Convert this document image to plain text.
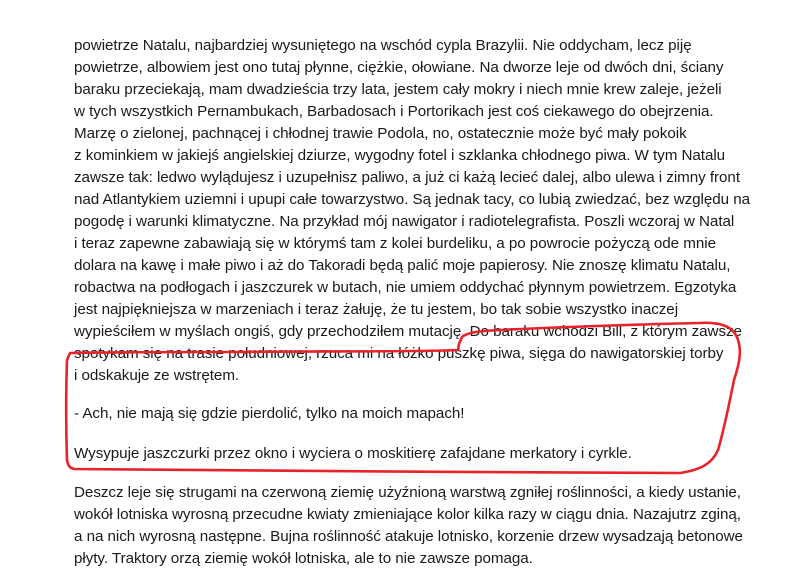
powietrze Natalu, najbardziej wysuniętego na wschód cypla Brazylii. Nie oddycham, lecz piję
powietrze, albowiem jest ono tutaj płynne, ciężkie, ołowiane. Na dworze leje od dwóch dni, ściany
baraku przeciekają, mam dwadzieścia trzy lata, jestem cały mokry i niech mnie krew zaleje, jeżeli
w tych wszystkich Pernambukach, Barbadosach i Portorikach jest coś ciekawego do obejrzenia.
Marzę o zielonej, pachnącej i chłodnej trawie Podola, no, ostatecznie może być mały pokoik
z kominkiem w jakiejś angielskiej dziurze, wygodny fotel i szklanka chłodnego piwa. W tym Natalu
zawsze tak: ledwo wylądujesz i uzupełnisz paliwo, a już ci każą lecieć dalej, albo ulewa i zimny front
nad Atlantykiem uziemni i upupi całe towarzystwo. Są jednak tacy, co lubią zwiedzać, bez względu na
pogodę i warunki klimatyczne. Na przykład mój nawigator i radiotelegrafista. Poszli wczoraj w Natal
i teraz zapewne zabawiają się w którymś tam z kolei burdeliku, a po powrocie pożyczą ode mnie
dolara na kawę i małe piwo i aż do Takoradi będą palić moje papierosy. Nie znoszę klimatu Natalu,
robactwa na podłogach i jaszczurek w butach, nie umiem oddychać płynnym powietrzem. Egzotyka
jest najpiękniejsza w marzeniach i teraz żałuję, że tu jestem, bo tak sobie wszystko inaczej
wypieściłem w myślach ongiś, gdy przechodziłem mutację. Do baraku wchodzi Bill, z którym zawsze
spotykam się na trasie południowej, rzuca mi na łóżko puszkę piwa, sięga do nawigatorskiej torby
i odskakuje ze wstrętem.
- Ach, nie mają się gdzie pierdolić, tylko na moich mapach!
Wysypuje jaszczurki przez okno i wyciera o moskitierę zafajdane merkatory i cyrkle.
Deszcz leje się strugami na czerwoną ziemię użyźnioną warstwą zgniłej roślinności, a kiedy ustanie,
wokół lotniska wyrosną przecudne kwiaty zmieniające kolor kilka razy w ciągu dnia. Nazajutrz zginą,
a na nich wyrosną następne. Bujna roślinność atakuje lotnisko, korzenie drzew wysadzają betonowe
płyty. Traktory orzą ziemię wokół lotniska, ale to nie zawsze pomaga.
